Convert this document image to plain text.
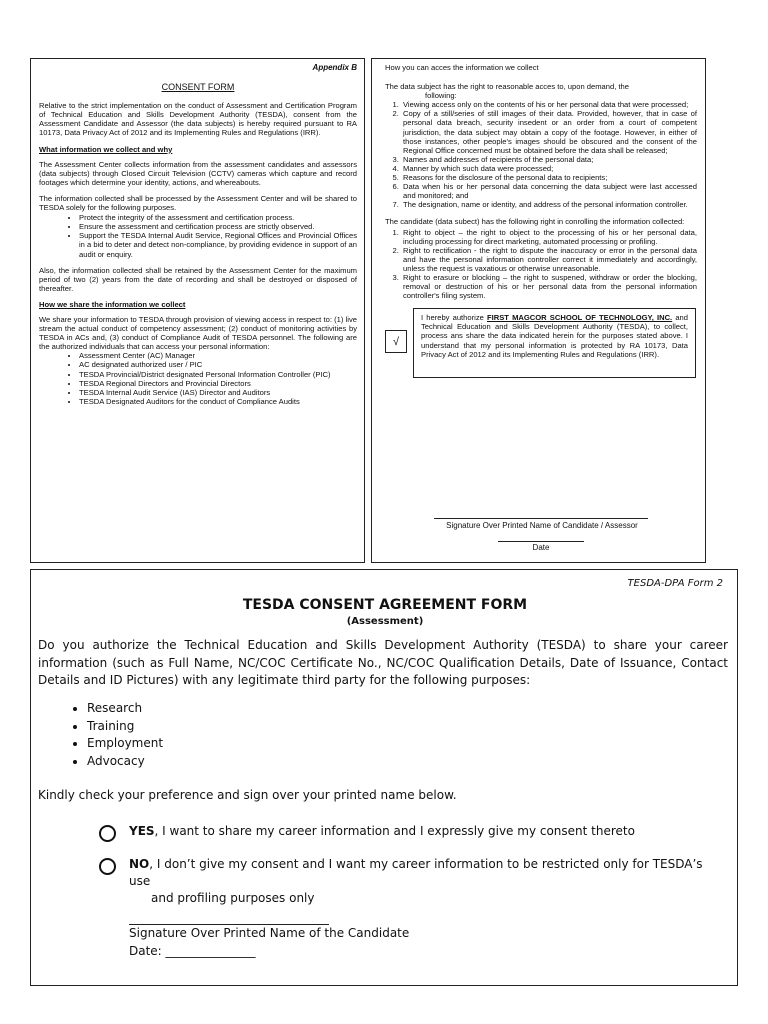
Appendix B
CONSENT FORM

Relative to the strict implementation on the conduct of Assessment and Certification Program of Technical Education and Skills Development Authority (TESDA), consent from the Assessment Candidate and Assessor (the data subjects) is hereby required pursuant to RA 10173, Data Privacy Act of 2012 and its Implementing Rules and Regulations (IRR).

What information we collect and why

The Assessment Center collects information from the assessment candidates and assessors (data subjects) through Closed Circuit Television (CCTV) cameras which capture and record footages which determine your identity, actions, and whereabouts.

The information collected shall be processed by the Assessment Center and will be shared to TESDA solely for the following purposes.

• Protect the integrity of the assessment and certification process.
• Ensure the assessment and certification process are strictly observed.
• Support the TESDA Internal Audit Service, Regional Offices and Provincial Offices in a bid to deter and detect non-compliance, by providing evidence in support of an audit or enquiry.

Also, the information collected shall be retained by the Assessment Center for the maximum period of two (2) years from the date of recording and shall be destroyed or disposed of thereafter.

How we share the information we collect

We share your information to TESDA through provision of viewing access in respect to: (1) live stream the actual conduct of competency assessment; (2) conduct of monitoring activities by TESDA in ACs and, (3) conduct of Compliance Audit of TESDA personnel. The following are the authorized individuals that can access your personal information:

• Assessment Center (AC) Manager
• AC designated authorized user / PIC
• TESDA Provincial/District designated Personal Information Controller (PIC)
• TESDA Regional Directors and Provincial Directors
• TESDA Internal Audit Service (IAS) Director and Auditors
• TESDA Designated Auditors for the conduct of Compliance Audits

How you can acces the information we collect

The data subject has the right to reasonable acces to, upon demand, the

following:
1. Viewing access only on the contents of his or her personal data that were processed;
2. Copy of a still/series of still images of their data. Provided, however, that in case of personal data breach, security insedent or an order from a court of competent jurisdiction, the data subject may obtain a copy of the footage. However, in either of those instances, other people's images should be obscured and the consent of the Regional Office concerned must be obtained before the data shall be released;
3. Names and addresses of recipients of the personal data;
4. Manner by which such data were processed;
5. Reasons for the disclosure of the personal data to recipients;
6. Data when his or her personal data concerning the data subject were last accessed and monitored; and
7. The designation, name or identity, and address of the personal information controller.

The candidate (data subect) has the following right in conrolling the information collected:

1. Right to object – the right to object to the processing of his or her personal data, including processing for direct marketing, automated processing or profiling.
2. Right to rectification - the right to dispute the inaccuracy or error in the personal data and have the personal information controller correct it immediately and accordingly, unless the request is vaxatious or otherwise unreasonable.
3. Right to erasure or blocking – the right to suspened, withdraw or order the blocking, removal or destruction of his or her personal data from the personal information controller's filing system.
√
I hereby authorize FIRST MAGCOR SCHOOL OF TECHNOLOGY, INC. and Technical Education and Skills Development Authority (TESDA), to collect, process ans share the data indicated herein for the purposes stated above. I understand that my personal information is protected by RA 10173, Data Privacy Act of 2012 and its Implementing Rules and Regulations (IRR).
Signature Over Printed Name of Candidate / Assessor
Date
TESDA-DPA Form 2
TESDA CONSENT AGREEMENT FORM
(Assessment)
Do you authorize the Technical Education and Skills Development Authority (TESDA) to share your career information (such as Full Name, NC/COC Certificate No., NC/COC Qualification Details, Date of Issuance, Contact Details and ID Pictures) with any legitimate third party for the following purposes:
• Research
• Training
• Employment
• Advocacy
Kindly check your preference and sign over your printed name below.
YES, I want to share my career information and I expressly give my consent thereto
NO, I don’t give my consent and I want my career information to be restricted only for TESDA’s use
and profiling purposes only
Signature Over Printed Name of the Candidate
Date: _______________
